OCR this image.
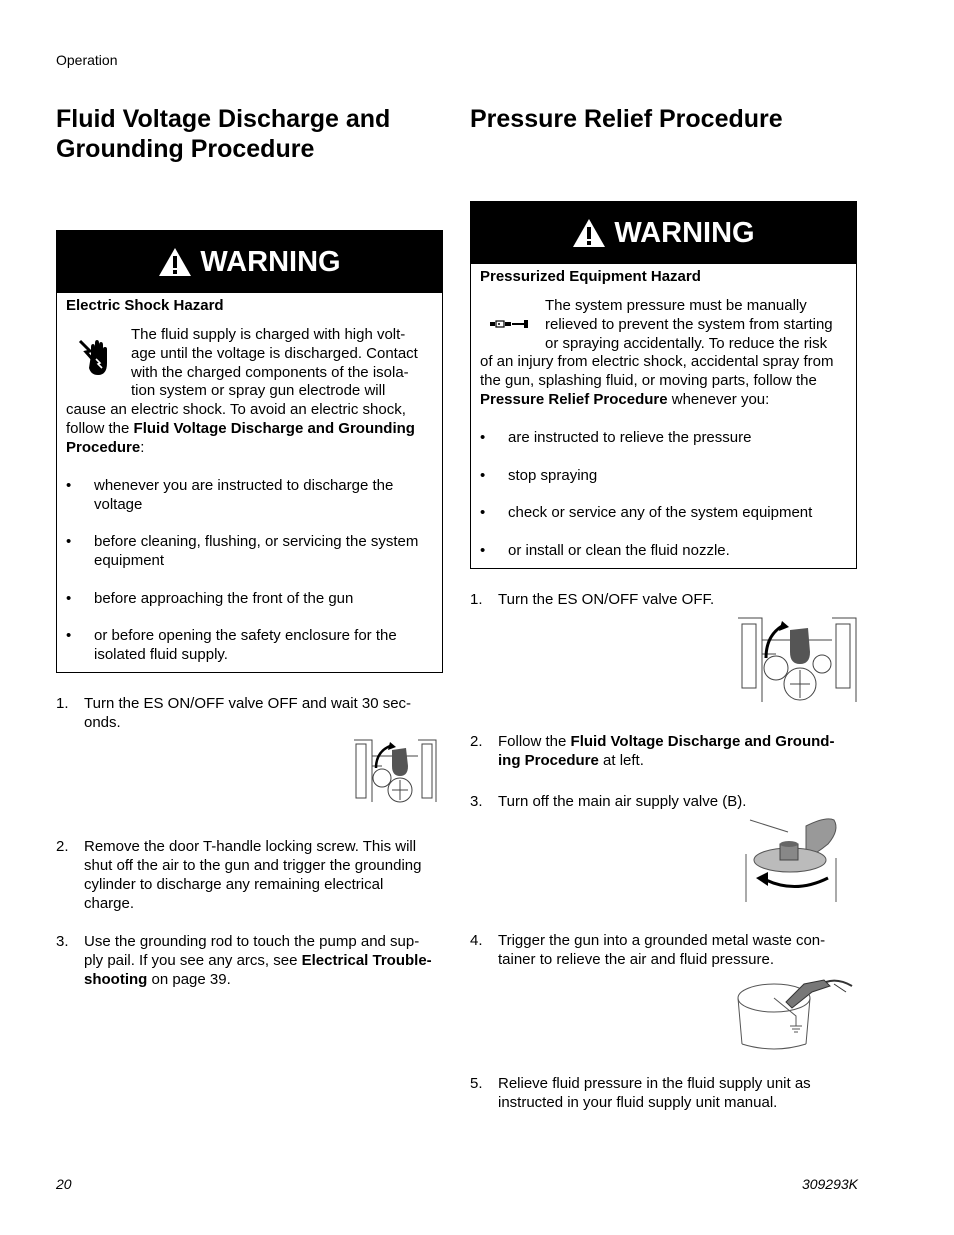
Operation
Fluid Voltage Discharge and
Grounding Procedure
WARNING
Electric Shock Hazard
The fluid supply is charged with high volt-
age until the voltage is discharged. Contact
with the charged components of the isola-
tion system or spray gun electrode will
cause an electric shock. To avoid an electric shock,
follow the Fluid Voltage Discharge and Grounding
Procedure:
• whenever you are instructed to discharge the
voltage
• before cleaning, flushing, or servicing the system
equipment
• before approaching the front of the gun
• or before opening the safety enclosure for the
isolated fluid supply.
1. Turn the ES ON/OFF valve OFF and wait 30 sec-
onds.
2. Remove the door T-handle locking screw. This will
shut off the air to the gun and trigger the grounding
cylinder to discharge any remaining electrical
charge.
3. Use the grounding rod to touch the pump and sup-
ply pail. If you see any arcs, see Electrical Trouble-
shooting on page 39.
Pressure Relief Procedure
WARNING
Pressurized Equipment Hazard
The system pressure must be manually
relieved to prevent the system from starting
or spraying accidentally. To reduce the risk
of an injury from electric shock, accidental spray from
the gun, splashing fluid, or moving parts, follow the
Pressure Relief Procedure whenever you:
• are instructed to relieve the pressure
• stop spraying
• check or service any of the system equipment
• or install or clean the fluid nozzle.
1. Turn the ES ON/OFF valve OFF.
2. Follow the Fluid Voltage Discharge and Ground-
ing Procedure at left.
3. Turn off the main air supply valve (B).
4. Trigger the gun into a grounded metal waste con-
tainer to relieve the air and fluid pressure.
5. Relieve fluid pressure in the fluid supply unit as
instructed in your fluid supply unit manual.
20	309293K
